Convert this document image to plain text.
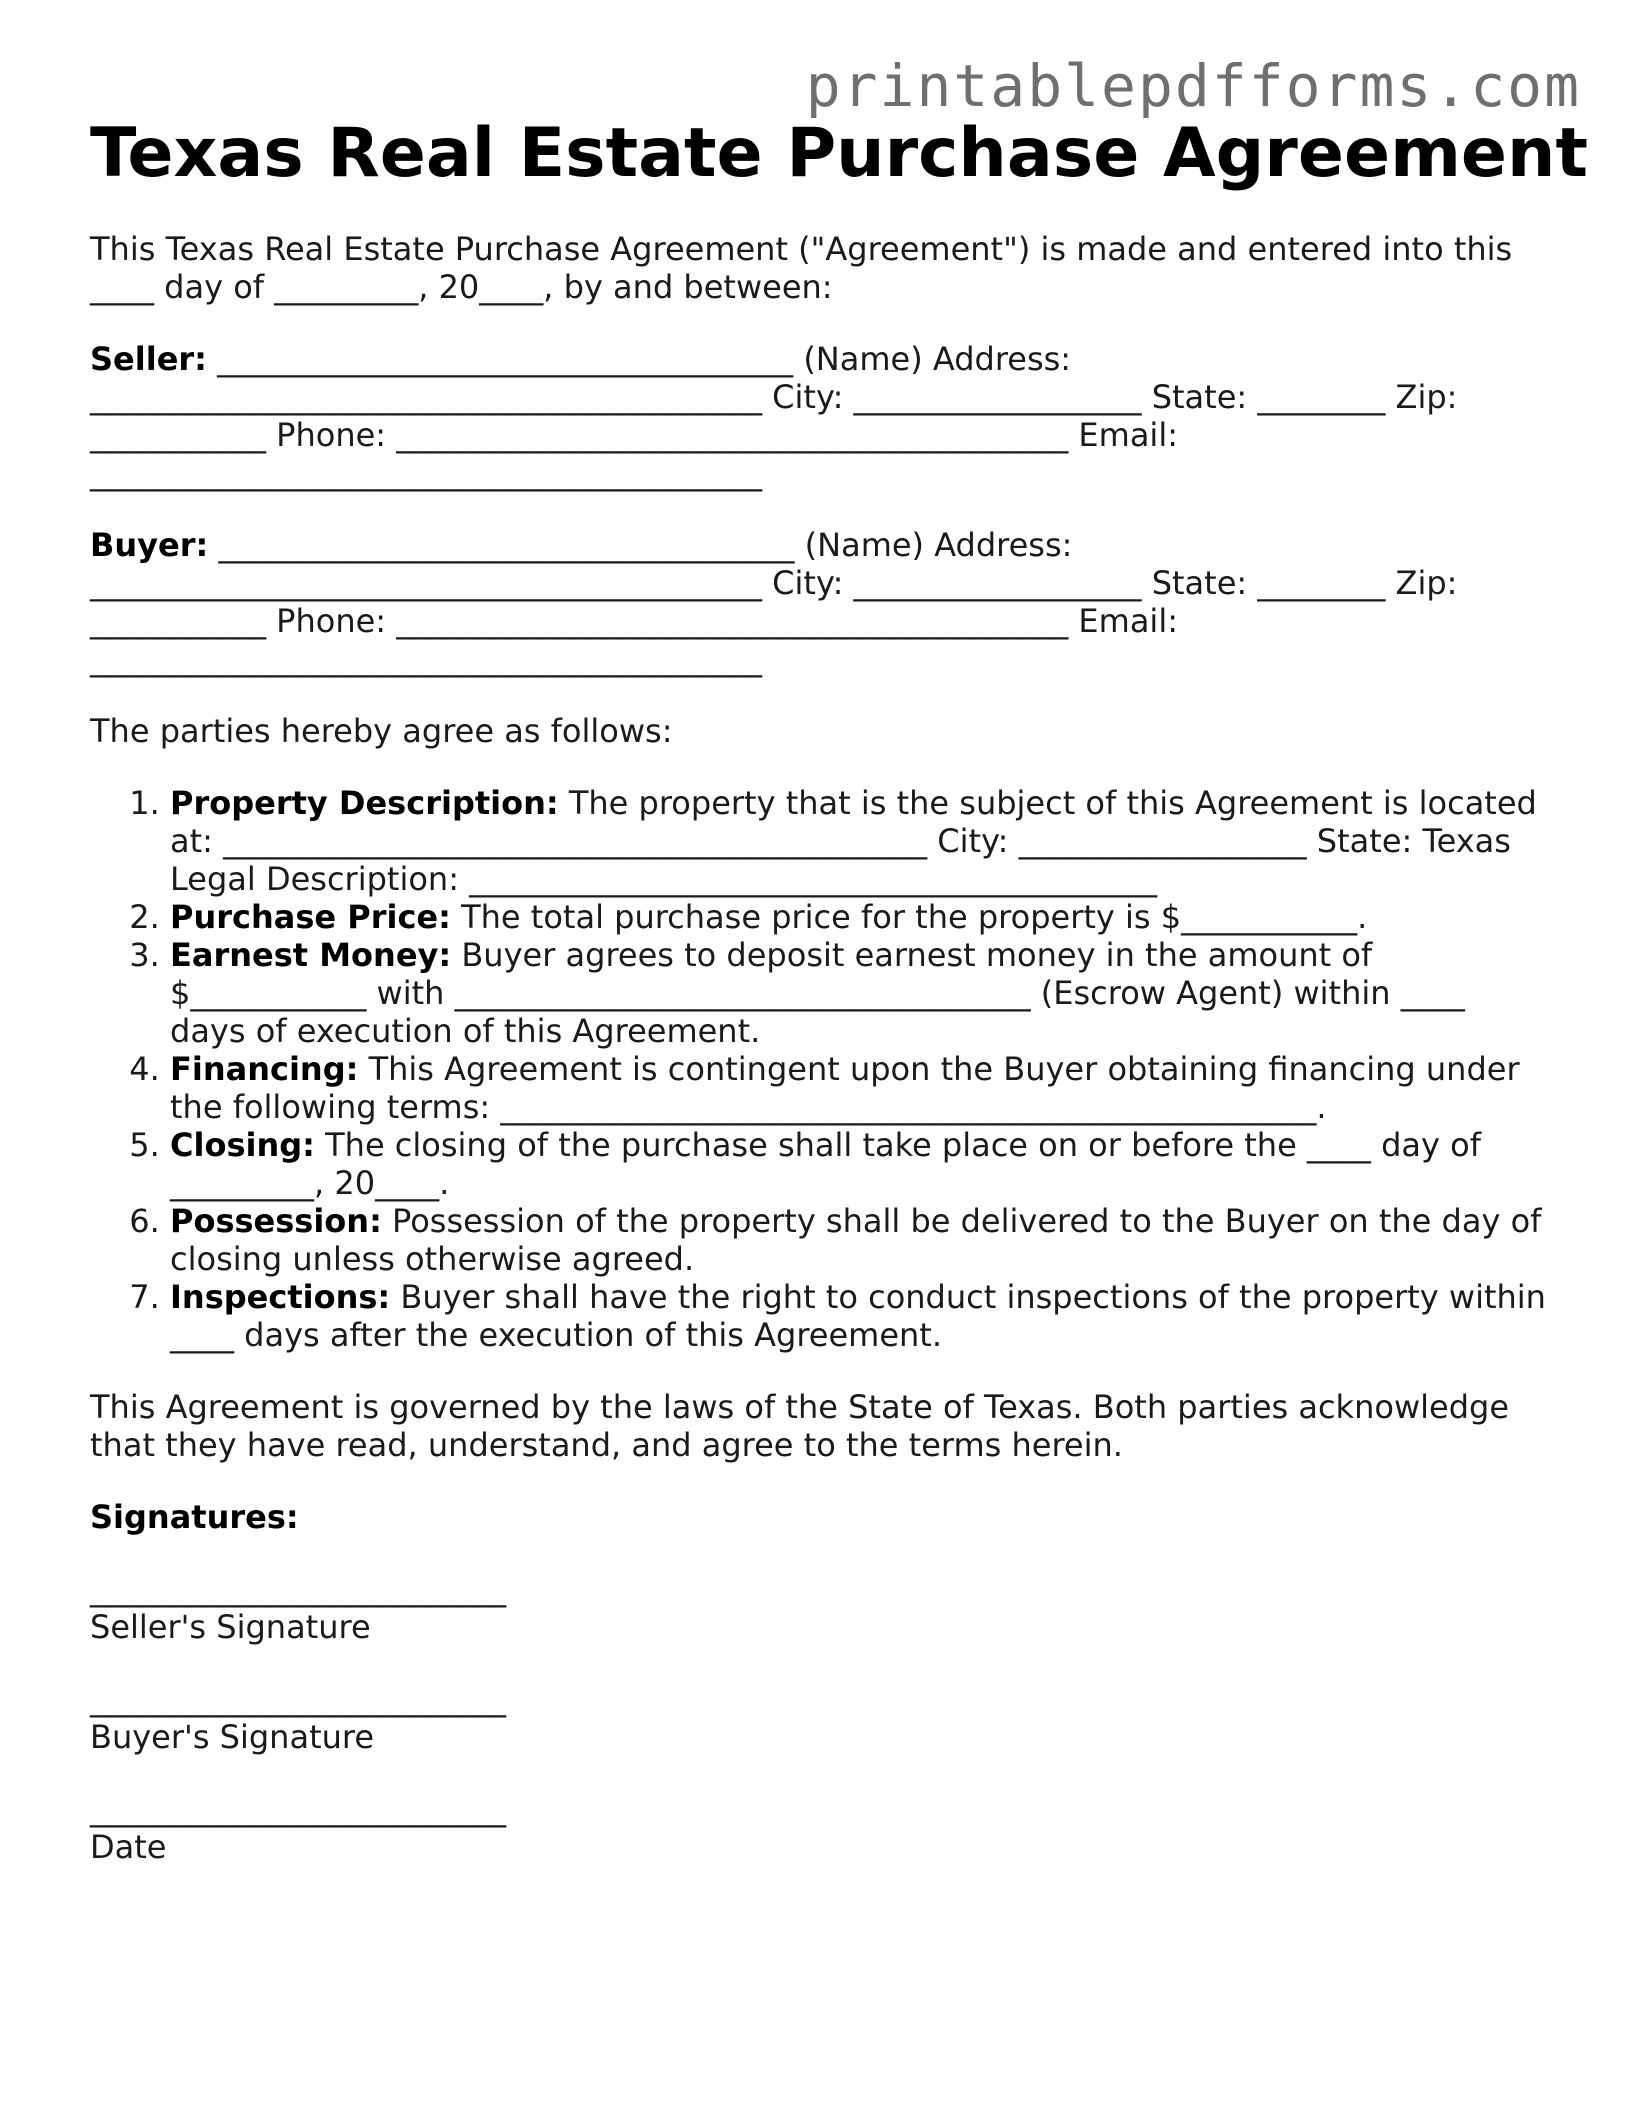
printablepdfforms.com
Texas Real Estate Purchase Agreement

This Texas Real Estate Purchase Agreement ("Agreement") is made and entered into this ____ day of _________, 20____, by and between:

Seller: ____________________________________ (Name) Address: __________________________________________ City: __________________ State: ________ Zip: ___________ Phone: __________________________________________ Email: __________________________________________

Buyer: ____________________________________ (Name) Address: __________________________________________ City: __________________ State: ________ Zip: ___________ Phone: __________________________________________ Email: __________________________________________

The parties hereby agree as follows:

1. Property Description: The property that is the subject of this Agreement is located at: ____________________________________________ City: __________________ State: Texas Legal Description: ___________________________________________
2. Purchase Price: The total purchase price for the property is $___________.
3. Earnest Money: Buyer agrees to deposit earnest money in the amount of $___________ with ____________________________________ (Escrow Agent) within ____ days of execution of this Agreement.
4. Financing: This Agreement is contingent upon the Buyer obtaining financing under the following terms: ___________________________________________________.
5. Closing: The closing of the purchase shall take place on or before the ____ day of _________, 20____.
6. Possession: Possession of the property shall be delivered to the Buyer on the day of closing unless otherwise agreed.
7. Inspections: Buyer shall have the right to conduct inspections of the property within ____ days after the execution of this Agreement.

This Agreement is governed by the laws of the State of Texas. Both parties acknowledge that they have read, understand, and agree to the terms herein.

Signatures:

__________________________

Seller's Signature

__________________________

Buyer's Signature

__________________________

Date
